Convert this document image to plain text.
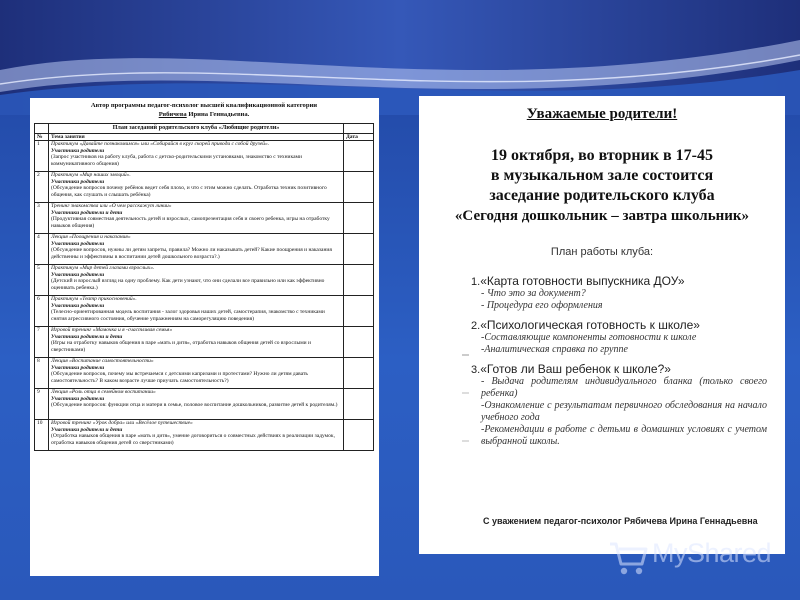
Автор программы педагог-психолог высшей квалификационной категории
Рябичева Ирина Геннадьевна.
	План заседаний родительского клуба «Любящие родители»	
№	Тема занятия	Дата
1	Практикум «Давайте познакомимся» или «Собирайся в круг скорей приводи с собой друзей».
Участники родители
(Запрос участников на работу клуба, работа с детско-родительскими установками, знакомство с техниками коммуникативного общения)	

2	Практикум «Мир наших эмоций».
Участники родители
(Обсуждение вопросов почему ребёнок ведет себя плохо, и что с этим можно сделать. Отработка техник позитивного общения, как слушать и слышать ребёнка)	

3	Тренинг знакомства или «О чем расскажут линии»
Участники родители и дети
(Продуктивная совместная деятельность детей и взрослых, самопрезентация себя и своего ребенка, игры на отработку навыков общения)	

4	Лекция «Поощрения и наказания»
Участники родители
(Обсуждение вопросов, нужны ли детям запреты, правила? Можно ли наказывать детей? Какие поощрения и наказания действенны и эффективны в воспитании детей дошкольного возраста?.)	

5	Практикум «Мир детей глазами взрослых».
Участники родители
(Детский и взрослый взгляд на одну проблему. Как дети узнают, что они сделали все правильно или как эффективно оценивать ребенка.)	

6	Практикум «Театр прикосновений».
Участники родители
(Телесно-ориентированная модель воспитания - залог здоровья наших детей, самостерапия, знакомство с техниками снятия агрессивного состояния, обучение упражнениям на саморегуляцию поведения)	

7	Игровой тренинг «Мамочка и я -счастливая семья»
Участники родители и дети
(Игры на отработку навыков общения в паре «мать и дитя», отработка навыков общения детей со взрослыми и сверстниками)	

8	Лекция «Воспитание самостоятельности»
Участники родители
(Обсуждение вопросов, почему мы встречаемся с детскими капризами и протестами? Нужно ли детям давать самостоятельность? В каком возрасте лучше приучать самостоятельность?)	

9	Лекция «Роль отца в семейном воспитании»
Участники родители
(Обсуждение вопросов: функции отца и матери в семье, половое воспитание дошкольников, развитие детей к родителям.)	

10	Игровой тренинг «Урок добра» или «Весёлое путешествие»
Участники родители и дети
(Отработка навыков общения в паре «мать и дитя», умение договориться о совместных действиях в реализации задумок, отработка навыков общения детей со сверстниками)	

Уважаемые родители!
19 октября, во вторник в 17-45
в музыкальном зале состоится
заседание родительского клуба
«Сегодня дошкольник – завтра школьник»
План работы клуба:
1.«Карта готовности выпускника ДОУ»
- Что это за документ?
- Процедура его оформления
2.«Психологическая готовность к школе»
-Составляющие компоненты готовности к школе
-Аналитическая справка по группе
3.«Готов ли Ваш ребенок к школе?»
- Выдача родителям индивидуального бланка (только своего ребенка)
-Ознакомление с результатам первичного обследования на начало учебного года
-Рекомендации в работе с детьми в домашних условиях с учетом выбранной школы.
С уважением педагог-психолог Рябичева Ирина Геннадьевна
MyShared
